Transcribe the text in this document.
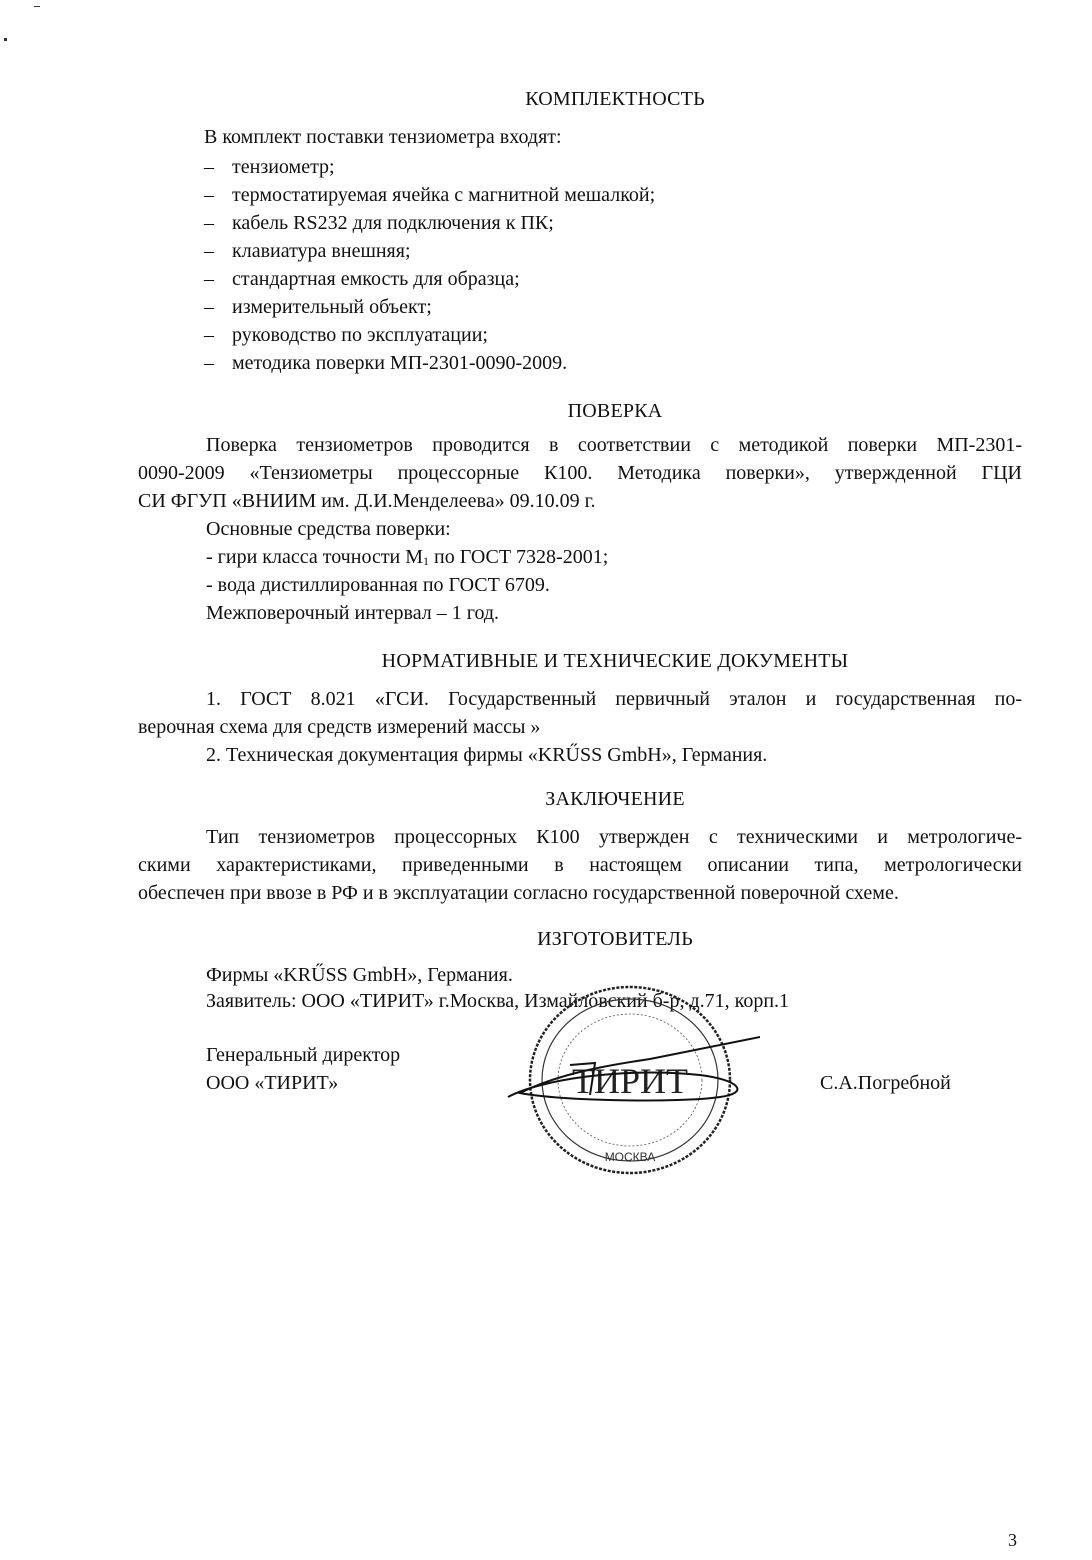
КОМПЛЕКТНОСТЬ
В комплект поставки тензиометра входят:
– тензиометр;
– термостатируемая ячейка с магнитной мешалкой;
– кабель RS232 для подключения к ПК;
– клавиатура внешняя;
– стандартная емкость для образца;
– измерительный объект;
– руководство по эксплуатации;
– методика поверки МП-2301-0090-2009.
ПОВЕРКА
Поверка тензиометров проводится в соответствии с методикой поверки МП-2301-
0090-2009 «Тензиометры процессорные К100. Методика поверки», утвержденной ГЦИ
СИ ФГУП «ВНИИМ им. Д.И.Менделеева» 09.10.09 г.
Основные средства поверки:
- гири класса точности $М_1$ по ГОСТ 7328-2001;
- вода дистиллированная по ГОСТ 6709.
Межповерочный интервал – 1 год.
НОРМАТИВНЫЕ И ТЕХНИЧЕСКИЕ ДОКУМЕНТЫ
1. ГОСТ 8.021 «ГСИ. Государственный первичный эталон и государственная по-
верочная схема для средств измерений массы »
2. Техническая документация фирмы «KRŰSS GmbH», Германия.
ЗАКЛЮЧЕНИЕ
Тип тензиометров процессорных К100 утвержден с техническими и метрологиче-
скими характеристиками, приведенными в настоящем описании типа, метрологически
обеспечен при ввозе в РФ и в эксплуатации согласно государственной поверочной схеме.
ИЗГОТОВИТЕЛЬ
Фирмы «KRŰSS GmbH», Германия.
Заявитель: ООО «ТИРИТ» г.Москва, Измайловский б-р, д.71, корп.1
Генеральный директор
ООО «ТИРИТ»	С.А.Погребной
ТИРИТ
МОСКВА
3
